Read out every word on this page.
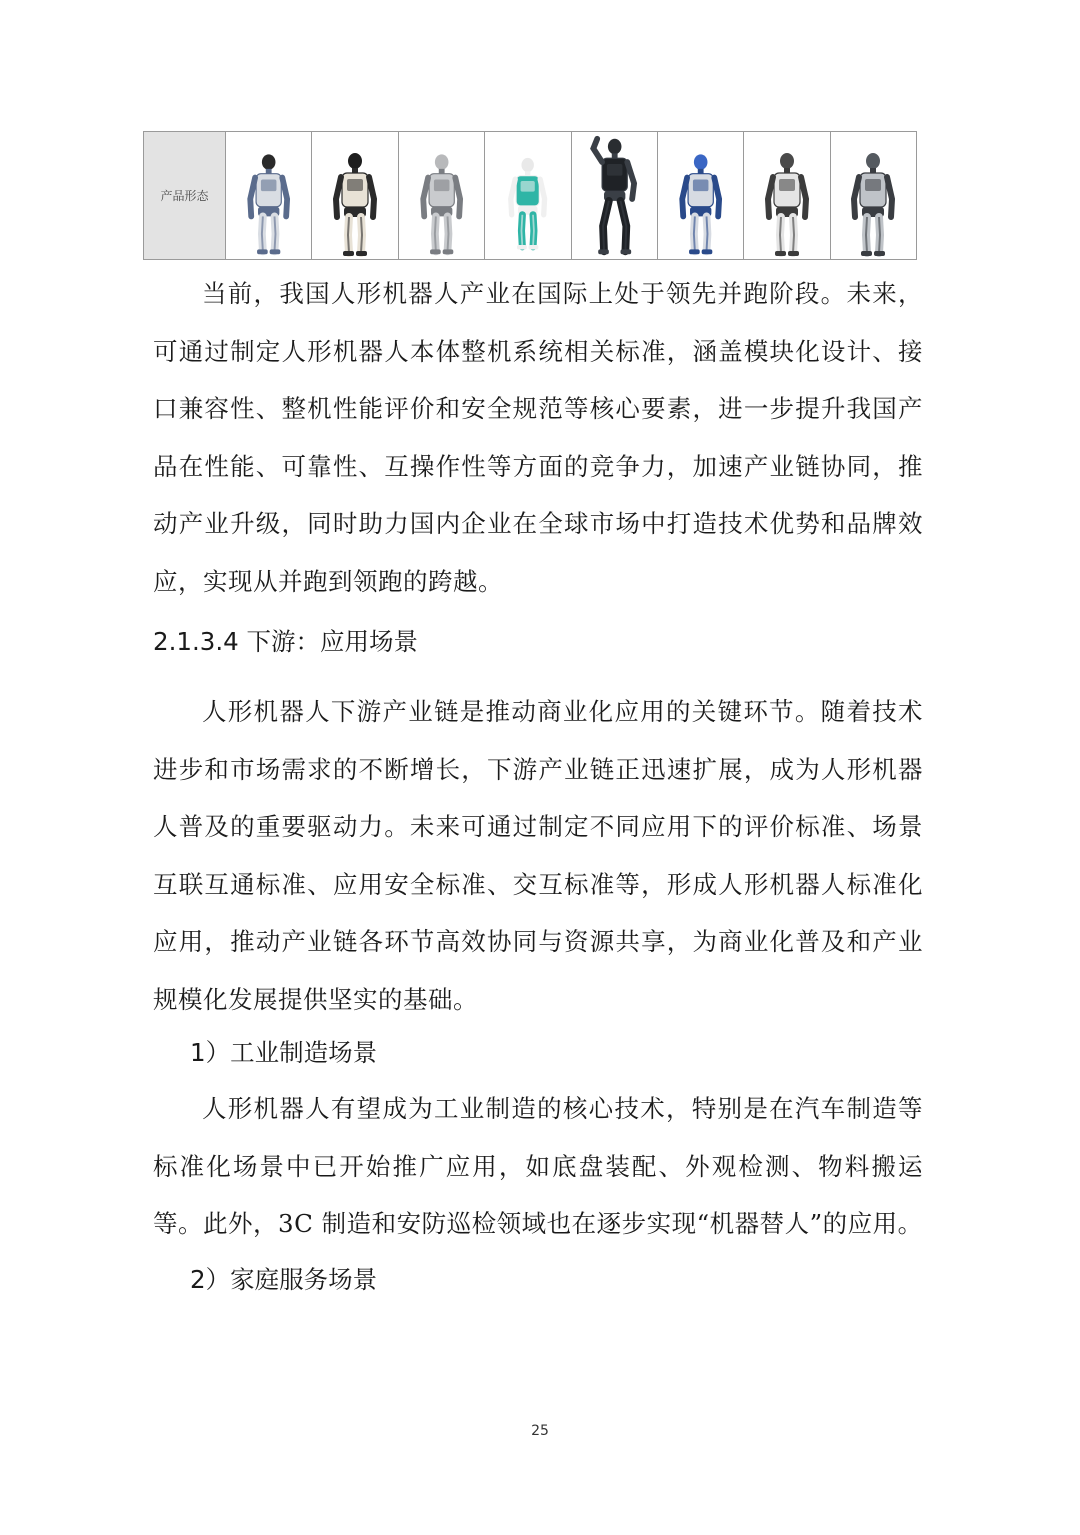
产品形态

当前，我国人形机器人产业在国际上处于领先并跑阶段。未来，可通过制定人形机器人本体整机系统相关标准，涵盖模块化设计、接口兼容性、整机性能评价和安全规范等核心要素，进一步提升我国产品在性能、可靠性、互操作性等方面的竞争力，加速产业链协同，推动产业升级，同时助力国内企业在全球市场中打造技术优势和品牌效应，实现从并跑到领跑的跨越。

2.1.3.4 下游：应用场景

人形机器人下游产业链是推动商业化应用的关键环节。随着技术进步和市场需求的不断增长，下游产业链正迅速扩展，成为人形机器人普及的重要驱动力。未来可通过制定不同应用下的评价标准、场景互联互通标准、应用安全标准、交互标准等，形成人形机器人标准化应用，推动产业链各环节高效协同与资源共享，为商业化普及和产业规模化发展提供坚实的基础。

1）工业制造场景

人形机器人有望成为工业制造的核心技术，特别是在汽车制造等标准化场景中已开始推广应用，如底盘装配、外观检测、物料搬运等。此外，3C 制造和安防巡检领域也在逐步实现“机器替人”的应用。

2）家庭服务场景
25
